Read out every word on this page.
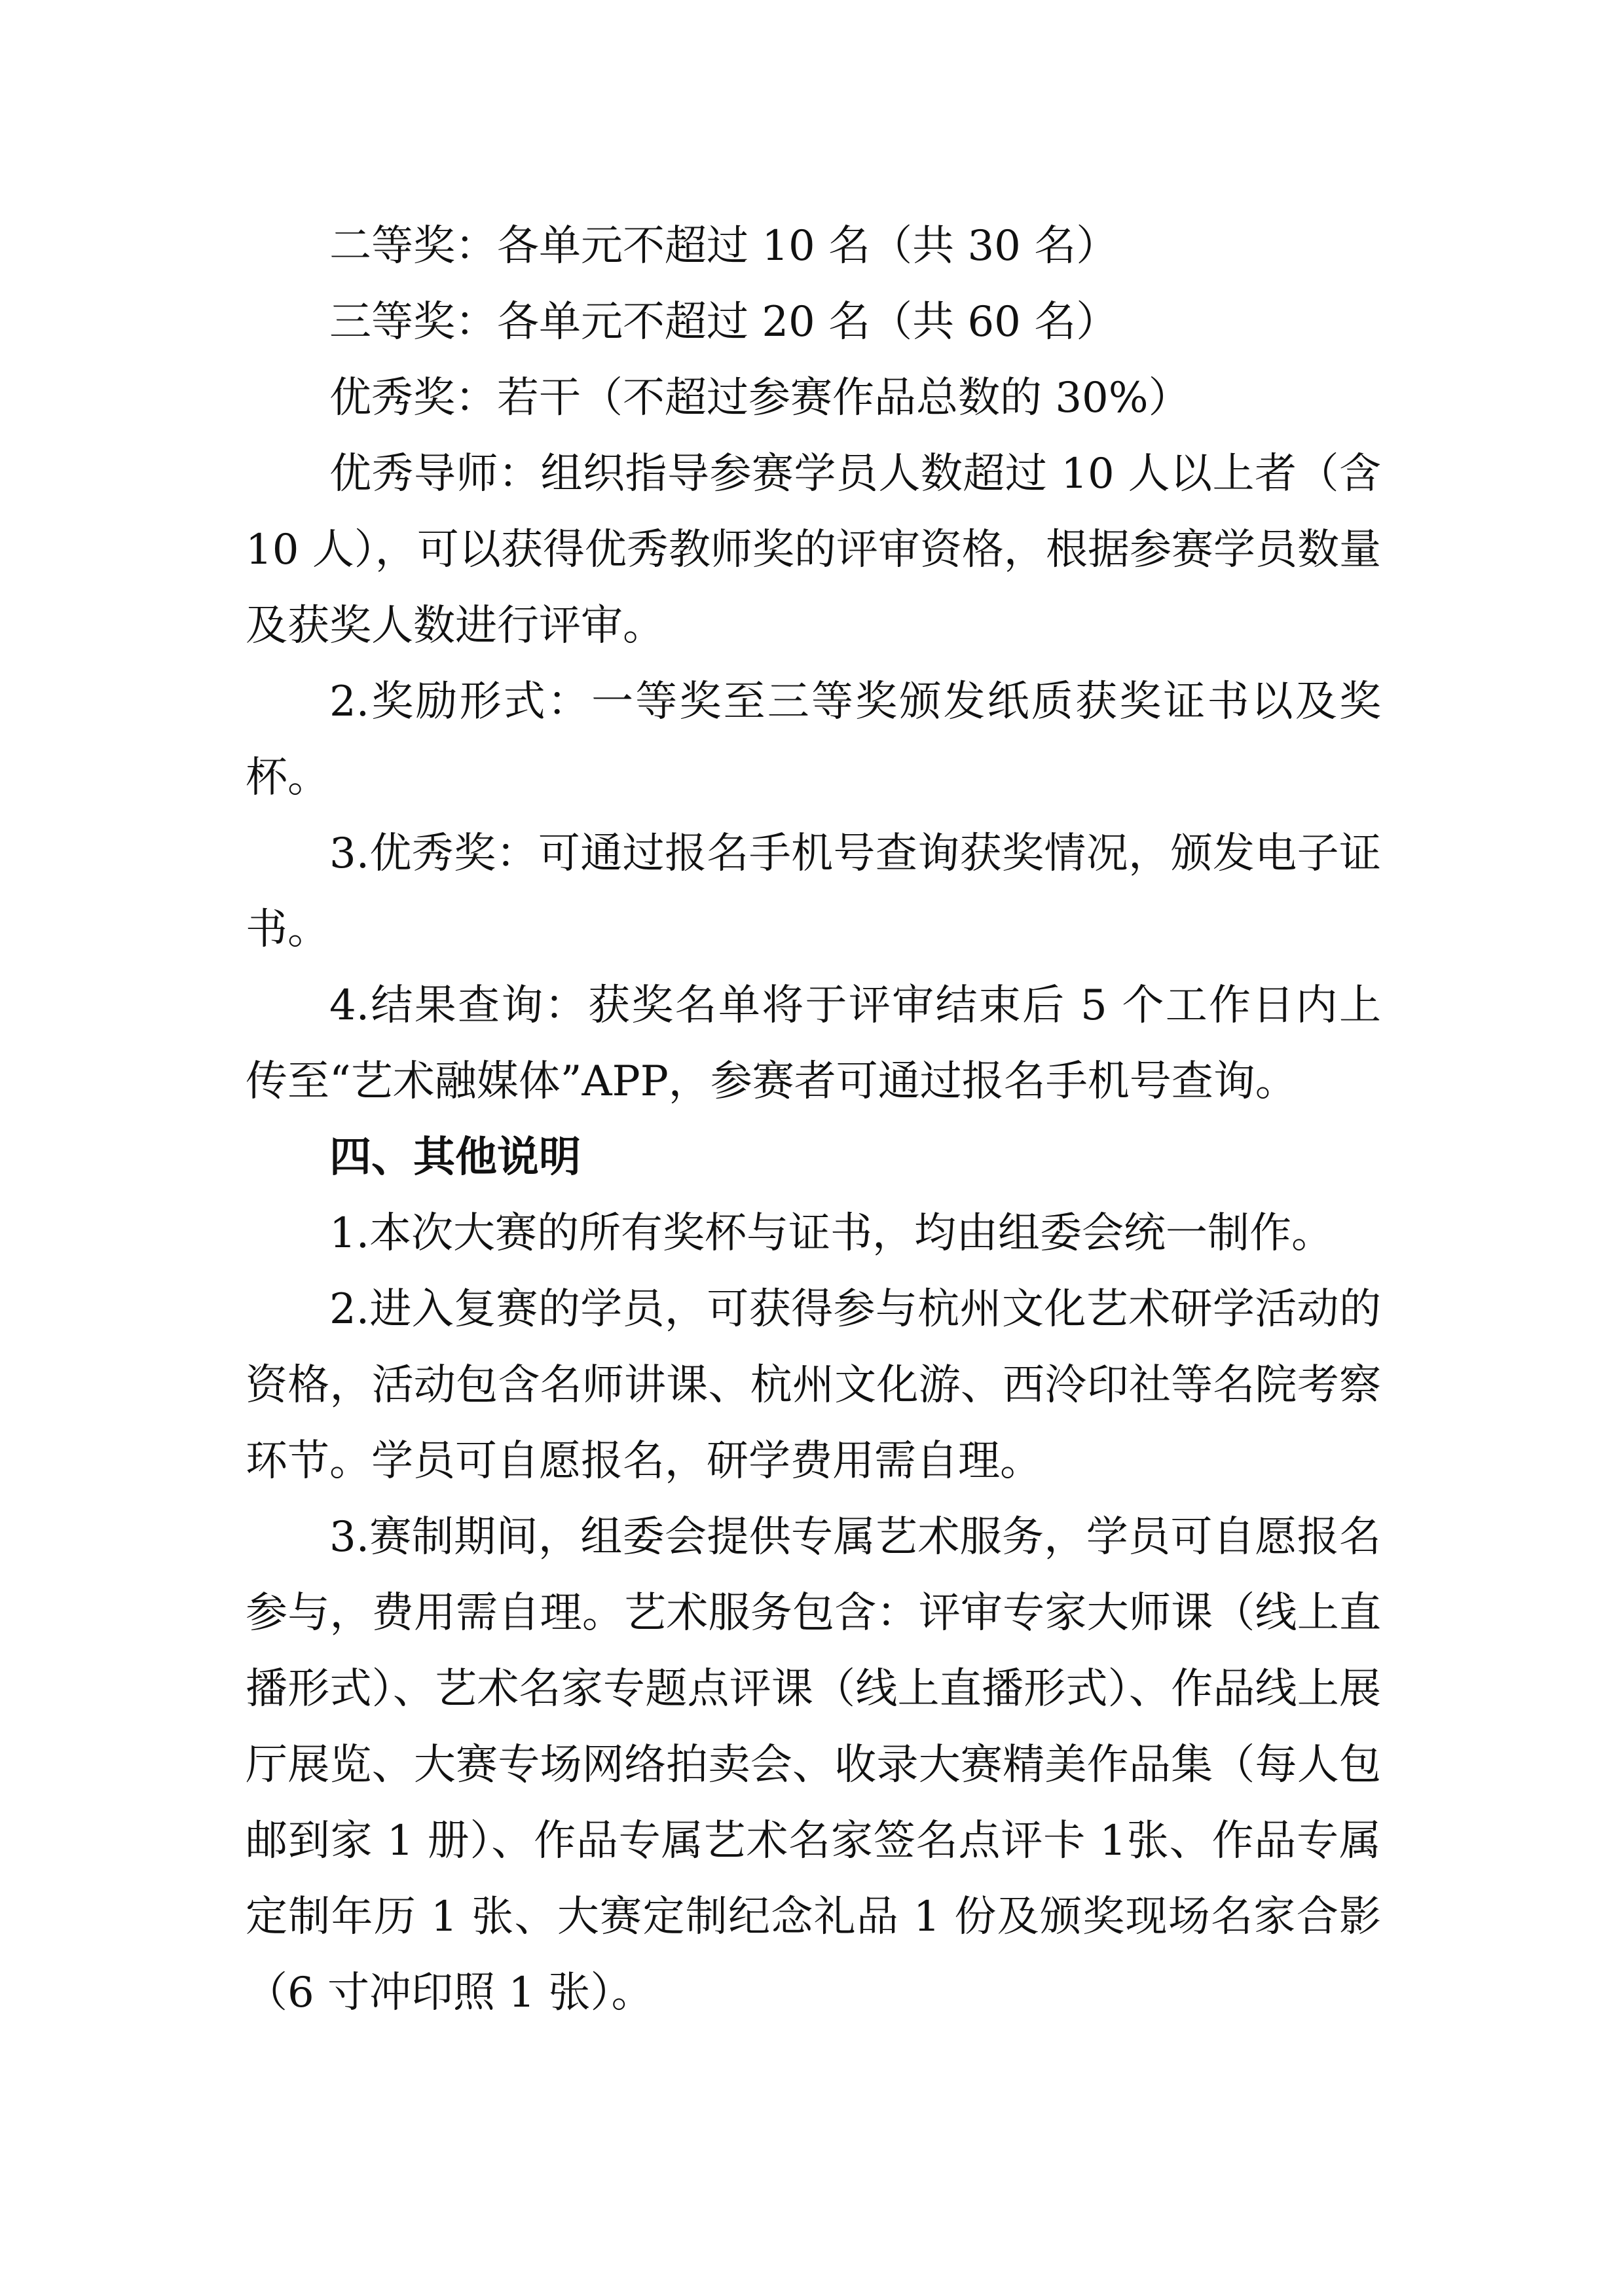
二等奖：各单元不超过 10 名（共 30 名）

三等奖：各单元不超过 20 名（共 60 名）

优秀奖：若干（不超过参赛作品总数的 30%）

优秀导师：组织指导参赛学员人数超过 10 人以上者（含10 人），可以获得优秀教师奖的评审资格，根据参赛学员数量及获奖人数进行评审。

2.奖励形式：一等奖至三等奖颁发纸质获奖证书以及奖杯。

3.优秀奖：可通过报名手机号查询获奖情况，颁发电子证书。

4.结果查询：获奖名单将于评审结束后 5 个工作日内上传至“艺术融媒体”APP，参赛者可通过报名手机号查询。

四、其他说明

1.本次大赛的所有奖杯与证书，均由组委会统一制作。

2.进入复赛的学员，可获得参与杭州文化艺术研学活动的资格，活动包含名师讲课、杭州文化游、西泠印社等名院考察环节。学员可自愿报名，研学费用需自理。

3.赛制期间，组委会提供专属艺术服务，学员可自愿报名参与，费用需自理。艺术服务包含：评审专家大师课（线上直播形式）、艺术名家专题点评课（线上直播形式）、作品线上展厅展览、大赛专场网络拍卖会、收录大赛精美作品集（每人包邮到家 1 册）、作品专属艺术名家签名点评卡 1张、作品专属定制年历 1 张、大赛定制纪念礼品 1 份及颁奖现场名家合影（6 寸冲印照 1 张）。
